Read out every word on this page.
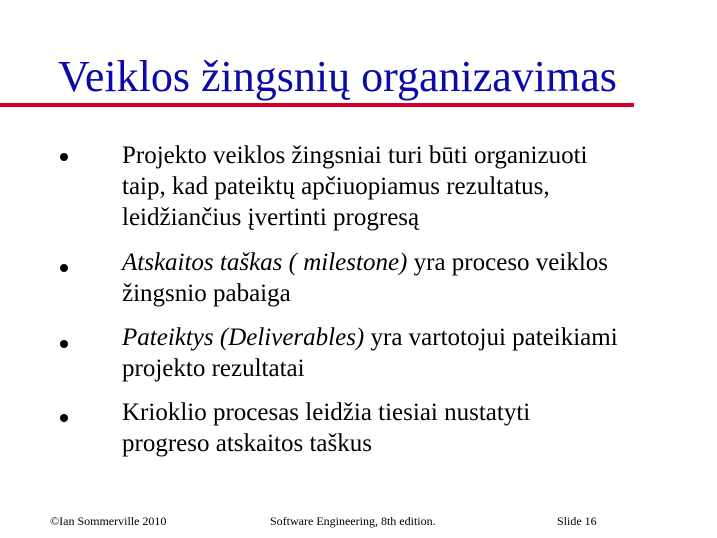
Veiklos žingsnių organizavimas
Projekto veiklos žingsniai turi būti organizuoti
taip, kad pateiktų apčiuopiamus rezultatus,
leidžiančius įvertinti progresą
Atskaitos taškas ( milestone) yra proceso veiklos
žingsnio pabaiga
Pateiktys (Deliverables) yra vartotojui pateikiami
projekto rezultatai
Krioklio procesas leidžia tiesiai nustatyti
progreso atskaitos taškus
©Ian Sommerville 2010	Software Engineering, 8th edition.	Slide 16
